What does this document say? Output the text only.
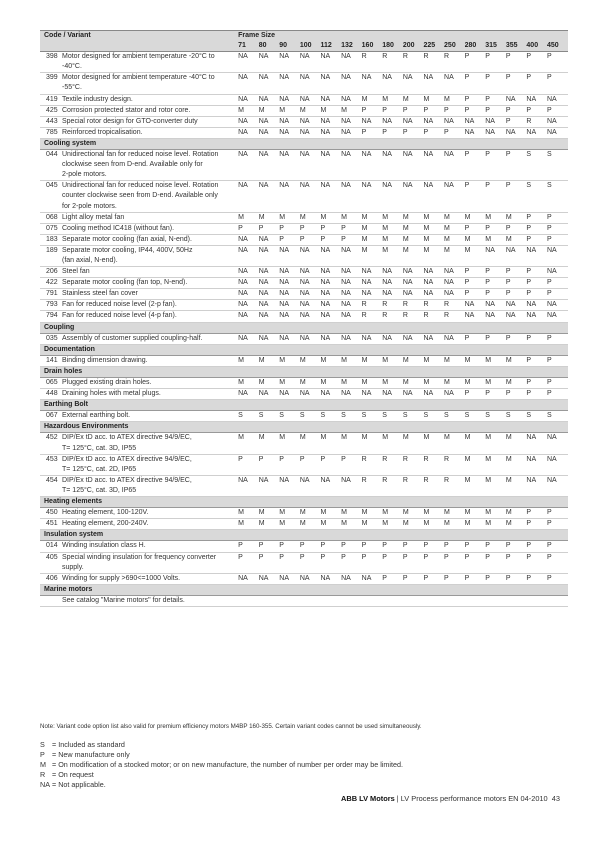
Code / Variant		Frame Size															
		71	80	90	100	112	132	160	180	200	225	250	280	315	355	400	450
398	Motor designed for ambient temperature -20°C to	NA	NA	NA	NA	NA	NA	R	R	R	R	R	P	P	P	P	P
	-40°C.																
399	Motor designed for ambient temperature -40°C to	NA	NA	NA	NA	NA	NA	NA	NA	NA	NA	NA	P	P	P	P	P
	-55°C.																
419	Textile industry design.	NA	NA	NA	NA	NA	NA	M	M	M	M	M	P	P	NA	NA	NA
425	Corrosion protected stator and rotor core.	M	M	M	M	M	M	P	P	P	P	P	P	P	P	P	P
443	Special rotor design for GTO-converter duty	NA	NA	NA	NA	NA	NA	NA	NA	NA	NA	NA	NA	NA	P	R	NA
785	Reinforced tropicalisation.	NA	NA	NA	NA	NA	NA	P	P	P	P	P	NA	NA	NA	NA	NA
Cooling system																	
044	Unidirectional fan for reduced noise level. Rotation	NA	NA	NA	NA	NA	NA	NA	NA	NA	NA	NA	P	P	P	S	S
	clockwise seen from D-end. Available only for																
	2-pole motors.																
045	Unidirectional fan for reduced noise level. Rotation	NA	NA	NA	NA	NA	NA	NA	NA	NA	NA	NA	P	P	P	S	S
	counter clockwise seen from D-end. Available only																
	for 2-pole motors.																
068	Light alloy metal fan	M	M	M	M	M	M	M	M	M	M	M	M	M	M	P	P
075	Cooling method IC418 (without fan).	P	P	P	P	P	P	M	M	M	M	M	P	P	P	P	P
183	Separate motor cooling (fan axial, N-end).	NA	NA	P	P	P	P	M	M	M	M	M	M	M	M	P	P
189	Separate motor cooling, IP44, 400V, 50Hz	NA	NA	NA	NA	NA	NA	M	M	M	M	M	M	NA	NA	NA	NA
	(fan axial, N-end).																
206	Steel fan	NA	NA	NA	NA	NA	NA	NA	NA	NA	NA	NA	P	P	P	P	NA
422	Separate motor cooling (fan top, N-end).	NA	NA	NA	NA	NA	NA	NA	NA	NA	NA	NA	P	P	P	P	P
791	Stainless steel fan cover	NA	NA	NA	NA	NA	NA	NA	NA	NA	NA	NA	P	P	P	P	P
793	Fan for reduced noise level (2-p fan).	NA	NA	NA	NA	NA	NA	R	R	R	R	R	NA	NA	NA	NA	NA
794	Fan for reduced noise level (4-p fan).	NA	NA	NA	NA	NA	NA	R	R	R	R	R	NA	NA	NA	NA	NA
Coupling																	
035	Assembly of customer supplied coupling-half.	NA	NA	NA	NA	NA	NA	NA	NA	NA	NA	NA	P	P	P	P	P
Documentation																	
141	Binding dimension drawing.	M	M	M	M	M	M	M	M	M	M	M	M	M	M	P	P
Drain holes																	
065	Plugged existing drain holes.	M	M	M	M	M	M	M	M	M	M	M	M	M	M	P	P
448	Draining holes with metal plugs.	NA	NA	NA	NA	NA	NA	NA	NA	NA	NA	NA	P	P	P	P	P
Earthing Bolt																	
067	External earthing bolt.	S	S	S	S	S	S	S	S	S	S	S	S	S	S	S	S
Hazardous Environments																	
452	DIP/Ex tD acc. to ATEX directive 94/9/EC,	M	M	M	M	M	M	M	M	M	M	M	M	M	M	NA	NA
	T= 125°C, cat. 3D, IP55																
453	DIP/Ex tD acc. to ATEX directive 94/9/EC,	P	P	P	P	P	P	R	R	R	R	R	M	M	M	NA	NA
	T= 125°C, cat. 2D, IP65																
454	DIP/Ex tD acc. to ATEX directive 94/9/EC,	NA	NA	NA	NA	NA	NA	R	R	R	R	R	M	M	M	NA	NA
	T= 125°C, cat. 3D, IP65																
Heating elements																	
450	Heating element, 100-120V.	M	M	M	M	M	M	M	M	M	M	M	M	M	M	P	P
451	Heating element, 200-240V.	M	M	M	M	M	M	M	M	M	M	M	M	M	M	P	P
Insulation system																	
014	Winding insulation class H.	P	P	P	P	P	P	P	P	P	P	P	P	P	P	P	P
405	Special winding insulation for frequency converter	P	P	P	P	P	P	P	P	P	P	P	P	P	P	P	P
	supply.																
406	Winding for supply >690<=1000 Volts.	NA	NA	NA	NA	NA	NA	NA	P	P	P	P	P	P	P	P	P
Marine motors																	
	See catalog "Marine motors" for details.																
Note: Variant code option list also valid for premium efficiency motors M4BP 160-355. Certain variant codes cannot be used simultaneously.
S = Included as standard
P = New manufacture only
M = On modification of a stocked motor; or on new manufacture, the number of number per order may be limited.
R = On request
NA = Not applicable.
ABB LV Motors | LV Process performance motors EN 04-2010 43
